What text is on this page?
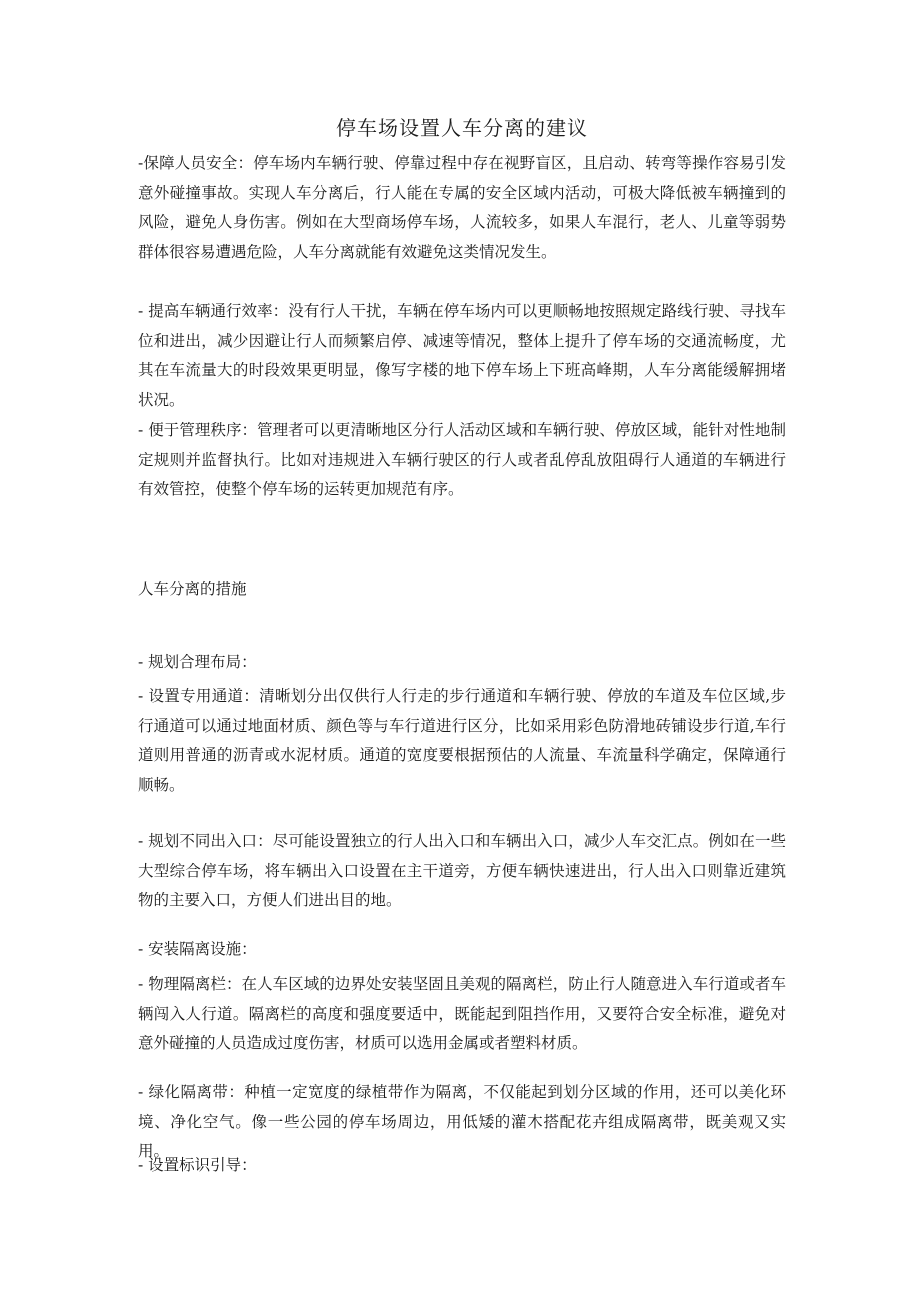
停车场设置人车分离的建议

-保障人员安全：停车场内车辆行驶、停靠过程中存在视野盲区，且启动、转弯等操作容易引发意外碰撞事故。实现人车分离后，行人能在专属的安全区域内活动，可极大降低被车辆撞到的风险，避免人身伤害。例如在大型商场停车场，人流较多，如果人车混行，老人、儿童等弱势群体很容易遭遇危险，人车分离就能有效避免这类情况发生。

- 提高车辆通行效率：没有行人干扰，车辆在停车场内可以更顺畅地按照规定路线行驶、寻找车位和进出，减少因避让行人而频繁启停、减速等情况，整体上提升了停车场的交通流畅度，尤其在车流量大的时段效果更明显，像写字楼的地下停车场上下班高峰期，人车分离能缓解拥堵状况。

- 便于管理秩序：管理者可以更清晰地区分行人活动区域和车辆行驶、停放区域，能针对性地制定规则并监督执行。比如对违规进入车辆行驶区的行人或者乱停乱放阻碍行人通道的车辆进行有效管控，使整个停车场的运转更加规范有序。

人车分离的措施

- 规划合理布局：

- 设置专用通道：清晰划分出仅供行人行走的步行通道和车辆行驶、停放的车道及车位区域,步行通道可以通过地面材质、颜色等与车行道进行区分，比如采用彩色防滑地砖铺设步行道,车行道则用普通的沥青或水泥材质。通道的宽度要根据预估的人流量、车流量科学确定，保障通行顺畅。

- 规划不同出入口：尽可能设置独立的行人出入口和车辆出入口，减少人车交汇点。例如在一些大型综合停车场，将车辆出入口设置在主干道旁，方便车辆快速进出，行人出入口则靠近建筑物的主要入口，方便人们进出目的地。

- 安装隔离设施：

- 物理隔离栏：在人车区域的边界处安装坚固且美观的隔离栏，防止行人随意进入车行道或者车辆闯入人行道。隔离栏的高度和强度要适中，既能起到阻挡作用，又要符合安全标准，避免对意外碰撞的人员造成过度伤害，材质可以选用金属或者塑料材质。

- 绿化隔离带：种植一定宽度的绿植带作为隔离，不仅能起到划分区域的作用，还可以美化环境、净化空气。像一些公园的停车场周边，用低矮的灌木搭配花卉组成隔离带，既美观又实用。

- 设置标识引导：
